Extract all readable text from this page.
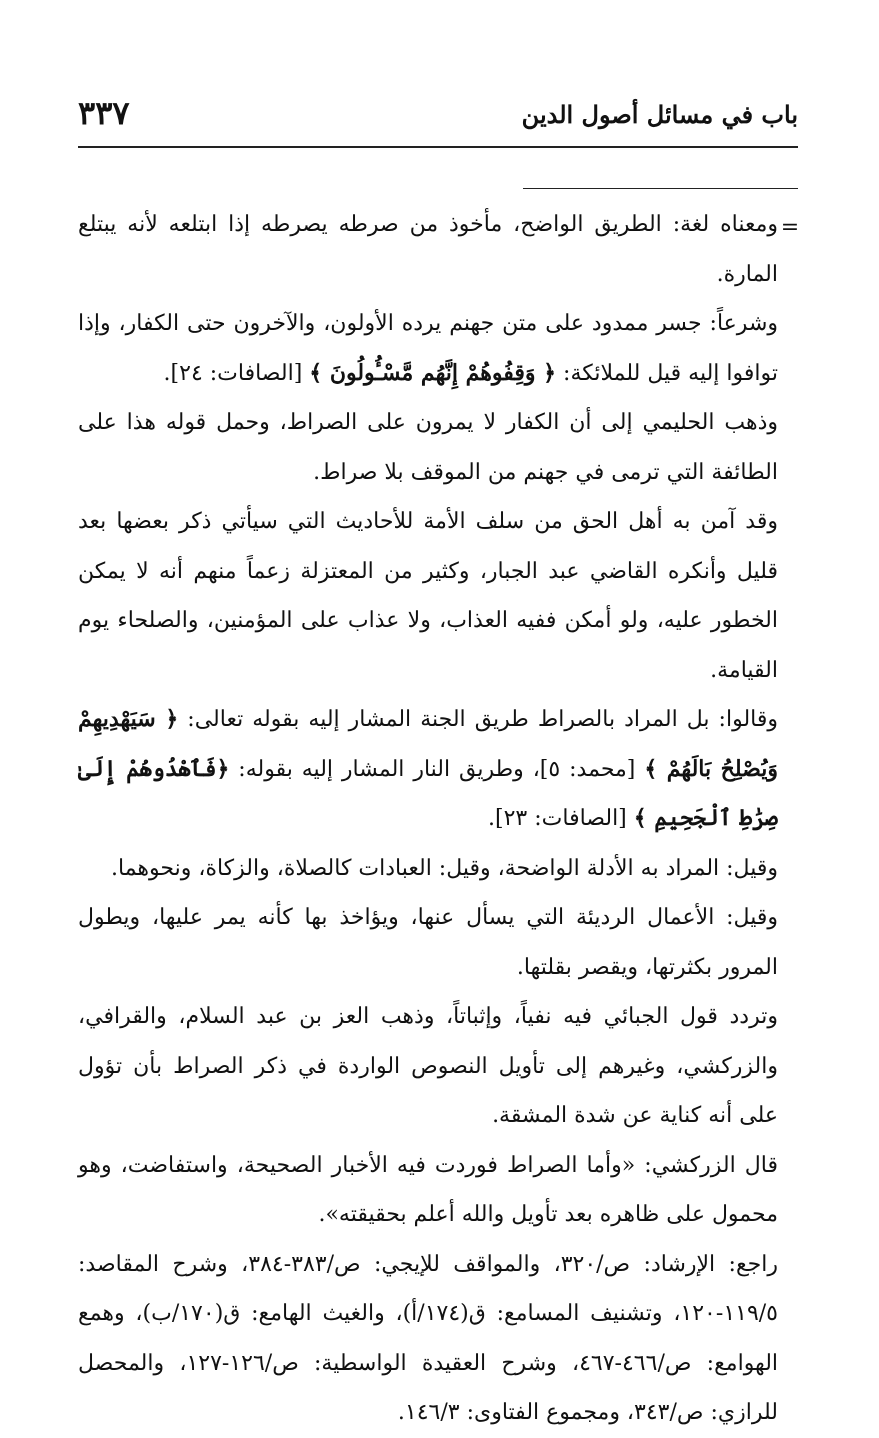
باب في مسائل أصول الدين
٣٣٧
=

ومعناه لغة: الطريق الواضح، مأخوذ من صرطه يصرطه إذا ابتلعه لأنه يبتلع المارة.

وشرعاً: جسر ممدود على متن جهنم يرده الأولون، والآخرون حتى الكفار، وإذا توافوا إليه قيل للملائكة: ﴿ وَقِفُوهُمْ إِنَّهُم مَّسْـُٔولُونَ ﴾ [الصافات: ٢٤].

وذهب الحليمي إلى أن الكفار لا يمرون على الصراط، وحمل قوله هذا على الطائفة التي ترمى في جهنم من الموقف بلا صراط.

وقد آمن به أهل الحق من سلف الأمة للأحاديث التي سيأتي ذكر بعضها بعد قليل وأنكره القاضي عبد الجبار، وكثير من المعتزلة زعماً منهم أنه لا يمكن الخطور عليه، ولو أمكن ففيه العذاب، ولا عذاب على المؤمنين، والصلحاء يوم القيامة.

وقالوا: بل المراد بالصراط طريق الجنة المشار إليه بقوله تعالى: ﴿ سَيَهْدِيهِمْ وَيُصْلِحُ بَالَهُمْ ﴾ [محمد: ٥]، وطريق النار المشار إليه بقوله: ﴿فَٱهْدُوهُمْ إِلَىٰ صِرَٰطِ ٱلْجَحِيمِ ﴾ [الصافات: ٢٣].

وقيل: المراد به الأدلة الواضحة، وقيل: العبادات كالصلاة، والزكاة، ونحوهما.

وقيل: الأعمال الرديئة التي يسأل عنها، ويؤاخذ بها كأنه يمر عليها، ويطول المرور بكثرتها، ويقصر بقلتها.

وتردد قول الجبائي فيه نفياً، وإثباتاً، وذهب العز بن عبد السلام، والقرافي، والزركشي، وغيرهم إلى تأويل النصوص الواردة في ذكر الصراط بأن تؤول على أنه كناية عن شدة المشقة.

قال الزركشي: «وأما الصراط فوردت فيه الأخبار الصحيحة، واستفاضت، وهو محمول على ظاهره بعد تأويل والله أعلم بحقيقته».

راجع: الإرشاد: ص/٣٢٠، والمواقف للإيجي: ص/٣٨٣-٣٨٤، وشرح المقاصد: ١١٩/٥-١٢٠، وتشنيف المسامع: ق(١٧٤/أ)، والغيث الهامع: ق(١٧٠/ب)، وهمع الهوامع: ص/٤٦٦-٤٦٧، وشرح العقيدة الواسطية: ص/١٢٦-١٢٧، والمحصل للرازي: ص/٣٤٣، ومجموع الفتاوى: ١٤٦/٣.
